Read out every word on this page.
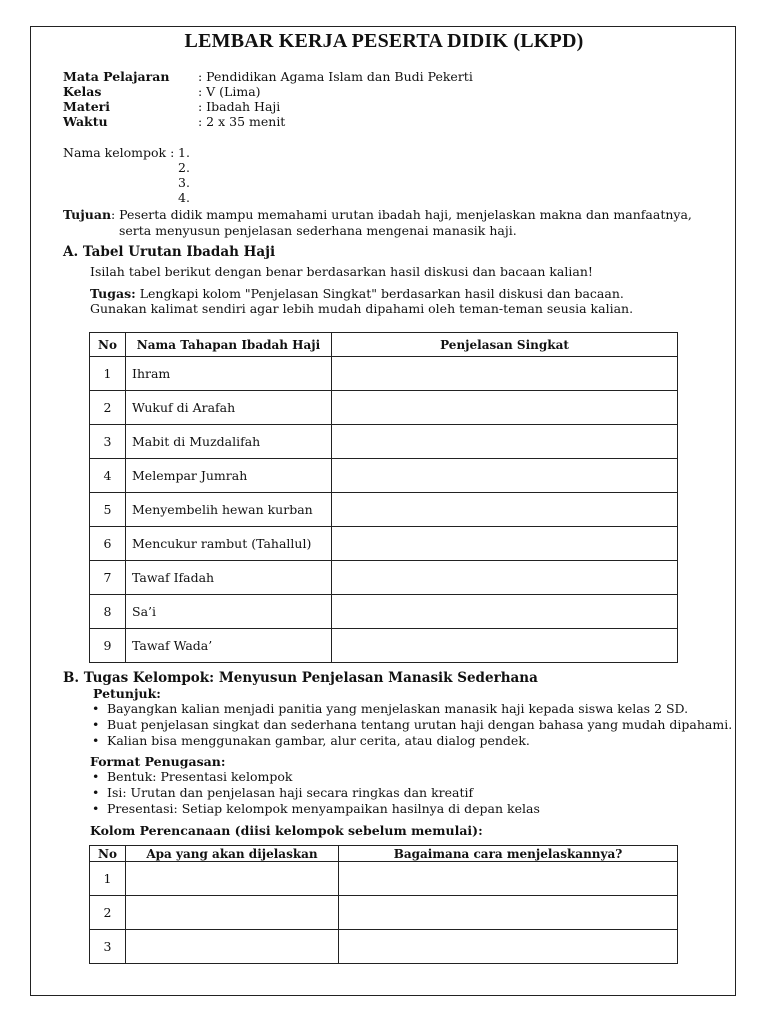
LEMBAR KERJA PESERTA DIDIK (LKPD)
Mata Pelajaran : Pendidikan Agama Islam dan Budi Pekerti
Kelas	: V (Lima)
Materi	: Ibadah Haji
Waktu	: 2 x 35 menit
Nama kelompok : 1.
2.
3.
4.
Tujuan : Peserta didik mampu memahami urutan ibadah haji, menjelaskan makna dan manfaatnya,
serta menyusun penjelasan sederhana mengenai manasik haji.
A. Tabel Urutan Ibadah Haji
Isilah tabel berikut dengan benar berdasarkan hasil diskusi dan bacaan kalian!
Tugas: Lengkapi kolom "Penjelasan Singkat" berdasarkan hasil diskusi dan bacaan.
Gunakan kalimat sendiri agar lebih mudah dipahami oleh teman-teman seusia kalian.
No	Nama Tahapan Ibadah Haji	Penjelasan Singkat
1	Ihram	
2	Wukuf di Arafah	
3	Mabit di Muzdalifah	
4	Melempar Jumrah	
5	Menyembelih hewan kurban	
6	Mencukur rambut (Tahallul)	
7	Tawaf Ifadah	
8	Sa’i	
9	Tawaf Wada’	
B. Tugas Kelompok: Menyusun Penjelasan Manasik Sederhana
Petunjuk:
• Bayangkan kalian menjadi panitia yang menjelaskan manasik haji kepada siswa kelas 2 SD.
• Buat penjelasan singkat dan sederhana tentang urutan haji dengan bahasa yang mudah dipahami.
• Kalian bisa menggunakan gambar, alur cerita, atau dialog pendek.
Format Penugasan:
• Bentuk: Presentasi kelompok
• Isi: Urutan dan penjelasan haji secara ringkas dan kreatif
• Presentasi: Setiap kelompok menyampaikan hasilnya di depan kelas
Kolom Perencanaan (diisi kelompok sebelum memulai):
No	Apa yang akan dijelaskan	Bagaimana cara menjelaskannya?
1		
2		
3		
